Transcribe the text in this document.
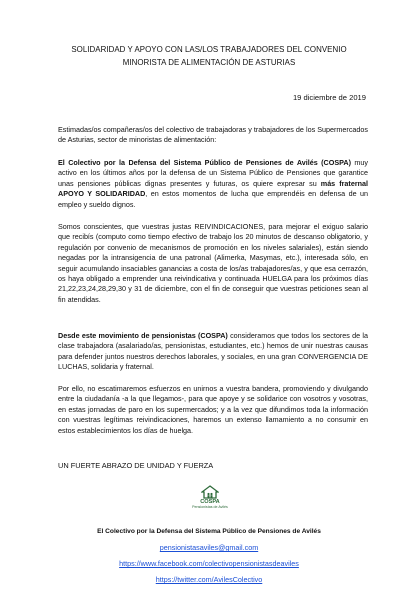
SOLIDARIDAD Y APOYO CON LAS/LOS TRABAJADORES DEL CONVENIO
MINORISTA DE ALIMENTACIÓN DE ASTURIAS
19 diciembre de 2019

Estimadas/os compañeras/os del colectivo de trabajadoras y trabajadores de los Supermercados de Asturias, sector de minoristas de alimentación:

El Colectivo por la Defensa del Sistema Público de Pensiones de Avilés (COSPA) muy activo en los últimos años por la defensa de un Sistema Público de Pensiones que garantice unas pensiones públicas dignas presentes y futuras, os quiere expresar su más fraternal APOYO Y SOLIDARIDAD, en estos momentos de lucha que emprendéis en defensa de un empleo y sueldo dignos.

Somos conscientes, que vuestras justas REIVINDICACIONES, para mejorar el exiguo salario que recibís (computo como tiempo efectivo de trabajo los 20 minutos de descanso obligatorio, y regulación por convenio de mecanismos de promoción en los niveles salariales), están siendo negadas por la intransigencia de una patronal (Alimerka, Masymas, etc.), interesada sólo, en seguir acumulando insaciables ganancias a costa de los/as trabajadores/as, y que esa cerrazón, os haya obligado a emprender una reivindicativa y continuada HUELGA para los próximos días 21,22,23,24,28,29,30 y 31 de diciembre, con el fin de conseguir que vuestras peticiones sean al fin atendidas.

Desde este movimiento de pensionistas (COSPA) consideramos que todos los sectores de la clase trabajadora (asalariado/as, pensionistas, estudiantes, etc.) hemos de unir nuestras causas para defender juntos nuestros derechos laborales, y sociales, en una gran CONVERGENCIA DE LUCHAS, solidaria y fraternal.

Por ello, no escatimaremos esfuerzos en unirnos a vuestra bandera, promoviendo y divulgando entre la ciudadanía -a la que llegamos-, para que apoye y se solidarice con vosotros y vosotras, en estas jornadas de paro en los supermercados; y a la vez que difundimos toda la información con vuestras legítimas reivindicaciones, haremos un extenso llamamiento a no consumir en estos establecimientos los días de huelga.

UN FUERTE ABRAZO DE UNIDAD Y FUERZA
COSPA
Pensionistas de Avilés
El Colectivo por la Defensa del Sistema Público de Pensiones de Avilés
pensionistasaviles@gmail.com
https://www.facebook.com/colectivopensionistasdeaviles
https://twitter.com/AvilesColectivo
